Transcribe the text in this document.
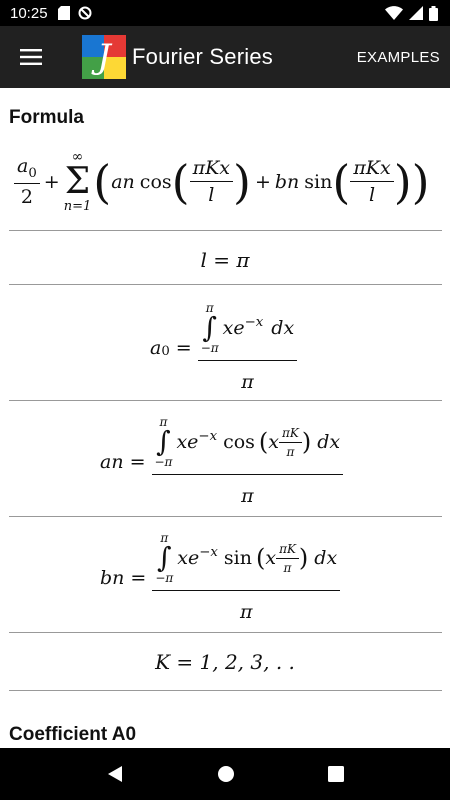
10:25
J Fourier Series	EXAMPLES
Formula
$\frac{a_0}{2}$ +
∞
Σ
n=1 ( an cos ( $\frac{\text{πKx}}{l}$ ) + bn sin ( $\frac{\text{πKx}}{l}$ ))
l = π
$a_0 = \pi$
∫
−π
$xe^{-x}$ dx
π
an =
π
∫
−π
$xe^{-x}$ cos ( x $\frac{\pi K}{\pi}$ ) dx
π
bn =
π
∫
−π
$xe^{-x}$ sin ( x $\frac{\pi K}{\pi}$ ) dx
π
K = 1, 2, 3, . .
Coefficient A0
